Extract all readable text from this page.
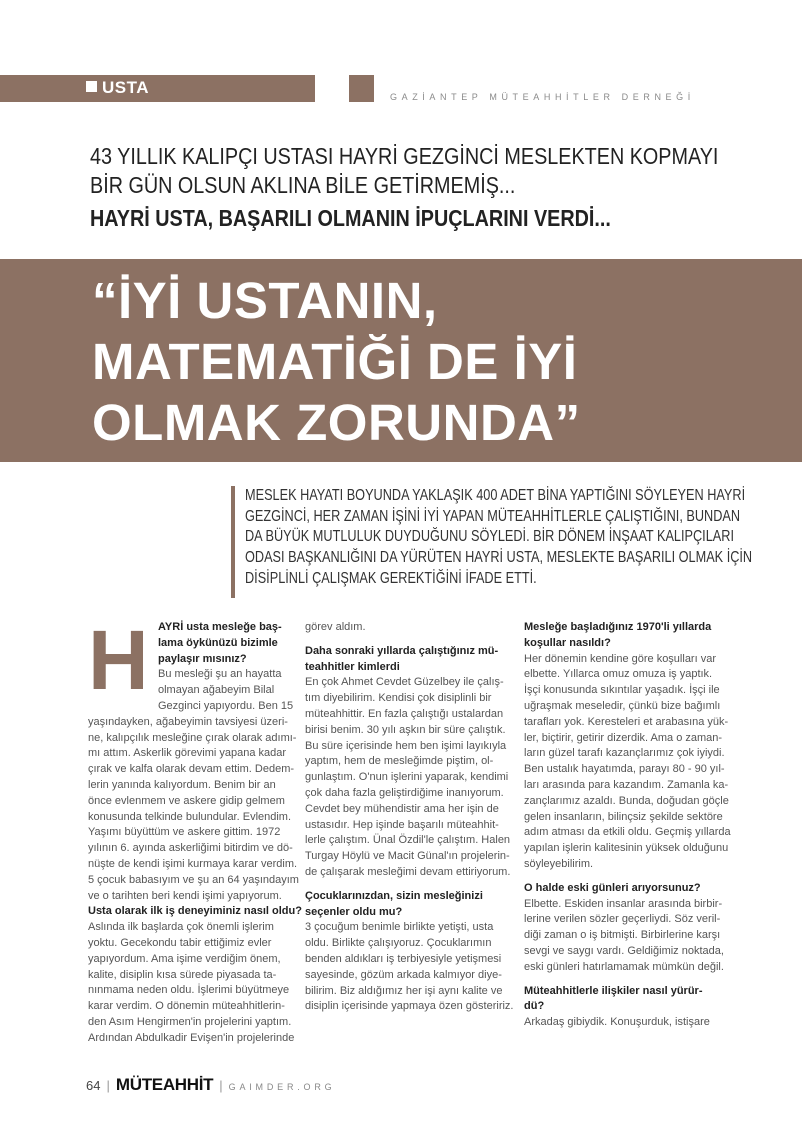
USTA	GAZİANTEP MÜTEAHHİTLER DERNEĞİ
43 YILLIK KALIPÇI USTASI HAYRİ GEZGİNCİ MESLEKTEN KOPMAYI
BİR GÜN OLSUN AKLINA BİLE GETİRMEMİŞ...
HAYRİ USTA, BAŞARILI OLMANIN İPUÇLARINI VERDİ...
“İYİ USTANIN,
MATEMATİĞİ DE İYİ
OLMAK ZORUNDA”
MESLEK HAYATI BOYUNDA YAKLAŞIK 400 ADET BİNA YAPTIĞINI SÖYLEYEN HAYRİ
GEZGİNCİ, HER ZAMAN İŞİNİ İYİ YAPAN MÜTEAHHİTLERLE ÇALIŞTIĞINI, BUNDAN
DA BÜYÜK MUTLULUK DUYDUĞUNU SÖYLEDİ. BİR DÖNEM İNŞAAT KALIPÇILARI
ODASI BAŞKANLIĞINI DA YÜRÜTEN HAYRİ USTA, MESLEKTE BAŞARILI OLMAK İÇİN
DİSİPLİNLİ ÇALIŞMAK GEREKTİĞİNİ İFADE ETTİ.
H AYRİ usta mesleğe baş-
lama öykünüzü bizimle
paylaşır mısınız?
Bu mesleği şu an hayatta
olmayan ağabeyim Bilal
Gezginci yapıyordu. Ben 15
yaşındayken, ağabeyimin tavsiyesi üzeri-
ne, kalıpçılık mesleğine çırak olarak adımı-
mı attım. Askerlik görevimi yapana kadar
çırak ve kalfa olarak devam ettim. Dedem-
lerin yanında kalıyordum. Benim bir an
önce evlenmem ve askere gidip gelmem
konusunda telkinde bulundular. Evlendim.
Yaşımı büyüttüm ve askere gittim. 1972
yılının 6. ayında askerliğimi bitirdim ve dö-
nüşte de kendi işimi kurmaya karar verdim.
5 çocuk babasıyım ve şu an 64 yaşındayım
ve o tarihten beri kendi işimi yapıyorum.
Usta olarak ilk iş deneyiminiz nasıl oldu?
Aslında ilk başlarda çok önemli işlerim
yoktu. Gecekondu tabir ettiğimiz evler
yapıyordum. Ama işime verdiğim önem,
kalite, disiplin kısa sürede piyasada ta-
nınmama neden oldu. İşlerimi büyütmeye
karar verdim. O dönemin müteahhitlerin-
den Asım Hengirmen'in projelerini yaptım.
Ardından Abdulkadir Evişen'in projelerinde
görev aldım.
Daha sonraki yıllarda çalıştığınız mü-
teahhitler kimlerdi
En çok Ahmet Cevdet Güzelbey ile çalış-
tım diyebilirim. Kendisi çok disiplinli bir
müteahhittir. En fazla çalıştığı ustalardan
birisi benim. 30 yılı aşkın bir süre çalıştık.
Bu süre içerisinde hem ben işimi layıkıyla
yaptım, hem de mesleğimde piştim, ol-
gunlaştım. O'nun işlerini yaparak, kendimi
çok daha fazla geliştirdiğime inanıyorum.
Cevdet bey mühendistir ama her işin de
ustasıdır. Hep işinde başarılı müteahhit-
lerle çalıştım. Ünal Özdil'le çalıştım. Halen
Turgay Höylü ve Macit Günal'ın projelerin-
de çalışarak mesleğimi devam ettiriyorum.
Çocuklarınızdan, sizin mesleğinizi
seçenler oldu mu?
3 çocuğum benimle birlikte yetişti, usta
oldu. Birlikte çalışıyoruz. Çocuklarımın
benden aldıkları iş terbiyesiyle yetişmesi
sayesinde, gözüm arkada kalmıyor diye-
bilirim. Biz aldığımız her işi aynı kalite ve
disiplin içerisinde yapmaya özen gösteririz.
Mesleğe başladığınız 1970'li yıllarda
koşullar nasıldı?
Her dönemin kendine göre koşulları var
elbette. Yıllarca omuz omuza iş yaptık.
İşçi konusunda sıkıntılar yaşadık. İşçi ile
uğraşmak meseledir, çünkü bize bağımlı
tarafları yok. Keresteleri et arabasına yük-
ler, biçtirir, getirir dizerdik. Ama o zaman-
ların güzel tarafı kazançlarımız çok iyiydi.
Ben ustalık hayatımda, parayı 80 - 90 yıl-
ları arasında para kazandım. Zamanla ka-
zançlarımız azaldı. Bunda, doğudan göçle
gelen insanların, bilinçsiz şekilde sektöre
adım atması da etkili oldu. Geçmiş yıllarda
yapılan işlerin kalitesinin yüksek olduğunu
söyleyebilirim.
O halde eski günleri arıyorsunuz?
Elbette. Eskiden insanlar arasında birbir-
lerine verilen sözler geçerliydi. Söz veril-
diği zaman o iş bitmişti. Birbirlerine karşı
sevgi ve saygı vardı. Geldiğimiz noktada,
eski günleri hatırlamamak mümkün değil.
Müteahhitlerle ilişkiler nasıl yürür-
dü?
Arkadaş gibiydik. Konuşurduk, istişare
64 | MÜTEAHHİT | GAIMDER.ORG
